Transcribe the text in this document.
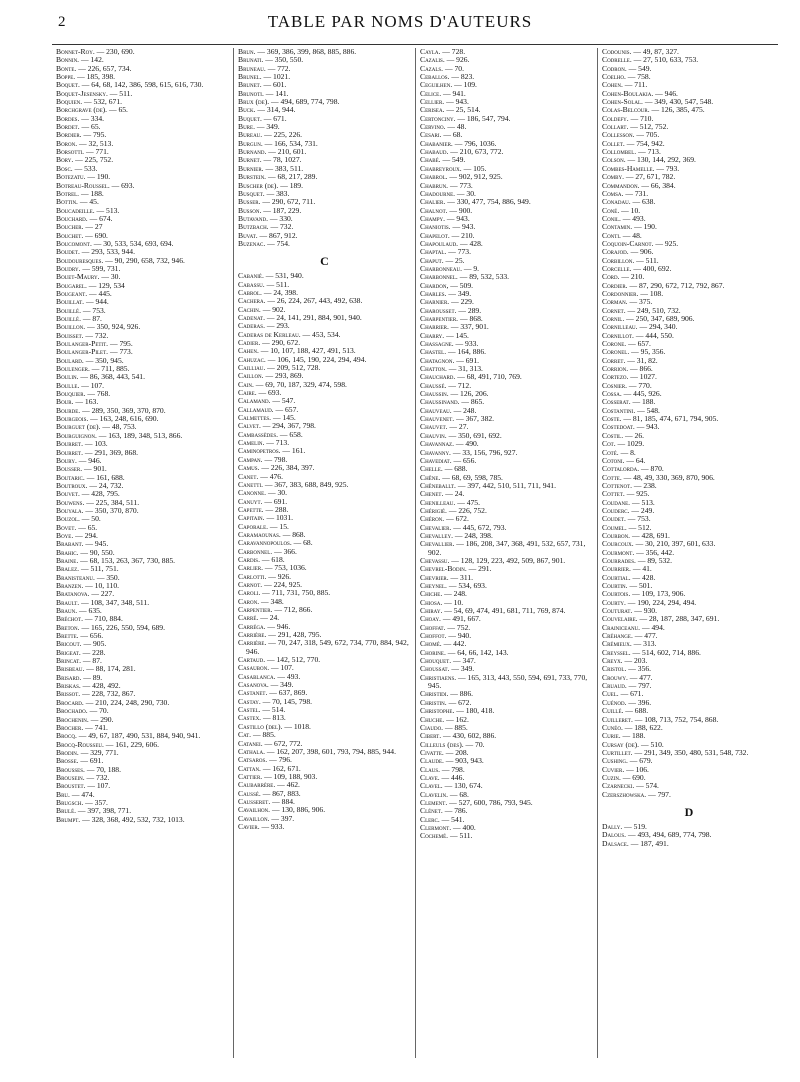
2	TABLE PAR NOMS D'AUTEURS
Bonnet-Roy. — 230, 690.
Bonnin. — 142.
Bonte. — 226, 657, 734.
Boppe. — 185, 398.
Boquet. — 64, 68, 142, 386, 598, 615, 616, 730.
Boquet-Jesensky. — 511.
Boquien. — 532, 671.
Borchgrave (de). — 65.
Bordes. — 334.
Bordet. — 65.
Bordier. — 795.
Boron. — 32, 513.
Borsotti. — 771.
Bory. — 225, 752.
Bosc. — 533.
Botezatu. — 190.
Botreau-Roussel. — 693.
Botrel. — 188.
Bottin. — 45.
Boucadeille. — 513.
Bouchard. — 674.
Boucher. — 27
Bouchet. — 690.
Boucomont. — 30, 533, 534, 693, 694.
Boudet. — 293, 533, 944.
Boudouresques. — 90, 290, 658, 732, 946.
Boudry. — 599, 731.
Bouet-Maury. — 30.
Bougarel. — 129, 534
Bougeant. — 445.
Bouillat. — 944.
Bouillé. — 753.
Bouillé. — 87.
Bouillon. — 350, 924, 926.
Bouisset. — 732.
Boulanger-Petit. — 795.
Boulanger-Pilet. — 773.
Boulard. — 350, 945.
Boulenger. — 711, 885.
Boulin. — 86, 368, 443, 541.
Boulle. — 107.
Bouquier. — 768.
Bour. — 163.
Bourde. — 289, 350, 369, 370, 870.
Bourgeois. — 163, 248, 616, 690.
Bourguet (de). — 48, 753.
Bourguignon. — 163, 189, 348, 513, 866.
Bourret. — 103.
Bourret. — 291, 369, 868.
Boury. — 946.
Bousser. — 901.
Boutaric. — 161, 688.
Boutroux. — 24, 732.
Bouvet. — 428, 795.
Bouwens. — 225, 384, 511.
Bouyala. — 350, 370, 870.
Bouzol. — 50.
Bovet. — 65.
Boye. — 294.
Brabant. — 945.
Brahic. — 90, 550.
Braine. — 68, 153, 263, 367, 730, 885.
Bralez. — 511, 751.
Branisteanu. — 350.
Branzen. — 10, 110.
Bratanova. — 227.
Brault. — 108, 347, 348, 511.
Braun. — 635.
Bréchot. — 710, 884.
Breton. — 165, 226, 550, 594, 689.
Brette. — 656.
Bricout. — 905.
Brigeat. — 228.
Brincat. — 87.
Brisbeau. — 88, 174, 281.
Brisard. — 89.
Briskas. — 428, 492.
Brissot. — 228, 732, 867.
Brocard. — 210, 224, 248, 290, 730.
Brochado. — 70.
Brochenin. — 290.
Brocher. — 741.
Brocq. — 49, 67, 187, 490, 531, 884, 940, 941.
Brocq-Rousseu. — 161, 229, 606.
Brodin. — 329, 771.
Brosse. — 691.
Brousses. — 70, 188.
Brousein. — 732.
Broustet. — 107.
Bru. — 474.
Brugsch. — 357.
Brulé. — 397, 398, 771.
Brumpt. — 328, 368, 492, 532, 732, 1013.
Brun. — 369, 386, 399, 868, 885, 886.
Brunati. — 350, 550.
Bruneau. — 772.
Brunel. — 1021.
Brunet. — 601.
Brunoti. — 141.
Brux (de). — 494, 689, 774, 798.
Buck. — 314, 944.
Buquet. — 671.
Bure. — 349.
Bureau. — 225, 226.
Burgun. — 166, 534, 731.
Burnand. — 210, 601.
Burnet. — 78, 1027.
Burnier. — 383, 511.
Burstein. — 68, 217, 289.
Buscher (de). — 189.
Busquet. — 383.
Busser. — 290, 672, 711.
Busson. — 187, 229.
Butavand. — 330.
Butzbach. — 732.
Buvat. — 867, 912.
Buzenac. — 754.
C
Cabanié. — 531, 940.
Cabassu. — 511.
Cabrol. — 24, 398.
Cachera. — 26, 224, 267, 443, 492, 638.
Cachin. — 902.
Cadenat. — 24, 141, 291, 884, 901, 940.
Caderas. — 293.
Caderas de Kerleau. — 453, 534.
Cadier. — 290, 672.
Cahen. — 10, 107, 188, 427, 491, 513.
Cahuzac. — 106, 145, 190, 224, 294, 494.
Cailliau. — 209, 512, 728.
Caillon. — 293, 869.
Cain. — 69, 70, 187, 329, 474, 598.
Caire. — 693.
Calamand. — 547.
Callamaud. — 657.
Calmettes. — 145.
Calvet. — 294, 367, 798.
Cambassèdes. — 658.
Camelin. — 713.
Caminopetros. — 161.
Campan. — 798.
Camus. — 226, 384, 397.
Canet. — 476.
Canetti. — 367, 383, 688, 849, 925.
Canonne. — 30.
Canuyt. — 691.
Capette. — 288.
Capitain. — 1031.
Caporale. — 15.
Caramaounas. — 868.
Caravannopoulos. — 68.
Carbonnel. — 366.
Cardis. — 618.
Carlier. — 753, 1036.
Carlotti. — 926.
Carnot. — 224, 925.
Caroli. — 711, 731, 750, 885.
Caron. — 348.
Carpentier. — 712, 866.
Carré. — 24.
Carréga. — 946.
Carrière. — 291, 428, 795.
Carrière. — 70, 247, 318, 549, 672, 734, 770, 884, 942, 946.
Cartaud. — 142, 512, 770.
Casaubon. — 107.
Casablanca. — 493.
Casanova. — 349.
Castanet. — 637, 869.
Castay. — 70, 145, 798.
Castel. — 514.
Castex. — 813.
Castillo (del). — 1018.
Cat. — 885.
Catanei. — 672, 772.
Cathala. — 162, 207, 398, 601, 793, 794, 885, 944.
Catsaros. — 796.
Cattan. — 162, 671.
Cattier. — 109, 188, 903.
Caubarrère. — 462.
Caussé. — 867, 883.
Causseret. — 884.
Cavailhon. — 130, 886, 906.
Cavaillon. — 397.
Cavier. — 933.
Cayla. — 728.
Cazalis. — 926.
Cazals. — 70.
Ceballos. — 823.
Ceguilhen. — 109.
Celice. — 941.
Cellier. — 943.
Cerisea. — 25, 514.
Certonciny. — 186, 547, 794.
Cervino. — 48.
Cesari. — 68.
Chabanier. — 796, 1036.
Chabaud. — 210, 673, 772.
Chabé. — 549.
Chabreyroux. — 105.
Chabrol. — 902, 912, 925.
Chabrun. — 773.
Chadourne. — 30.
Chalier. — 330, 477, 754, 886, 949.
Chalnot. — 900.
Champy. — 943.
Chaniotis. — 943.
Chapelot. — 210.
Chapoulaud. — 428.
Chaptal. — 773.
Chaput. — 25.
Charbonneau. — 9.
Charbonnel. — 89, 532, 533.
Chardon, — 509.
Charles. — 349.
Charnier. — 229.
Charousset. — 289.
Charpentier. — 868.
Charrier. — 337, 901.
Charry. — 145.
Chassagne. — 933.
Chastel. — 164, 886.
Chatagnon. — 691.
Chatton. — 31, 313.
Chauchard. — 68, 491, 710, 769.
Chaussé. — 712.
Chaussin. — 126, 206.
Chaussinand. — 865.
Chauveau. — 248.
Chauvenet. — 367, 382.
Chauvet. — 27.
Chauvin. — 350, 691, 692.
Chavannaz. — 490.
Chavanny. — 33, 156, 796, 927.
Chavediat. — 656.
Chelle. — 688.
Chêne. — 68, 69, 598, 785.
Chêneballt. — 397, 442, 510, 511, 711, 941.
Chenet. — 24.
Chenilleau. — 475.
Chérigié. — 226, 752.
Chéron. — 672.
Chevalier. — 445, 672, 793.
Chevalley. — 248, 398.
Chevallier. — 186, 208, 347, 368, 491, 532, 657, 731, 902.
Chevassu. — 128, 129, 223, 492, 509, 867, 901.
Chevrel-Bodin. — 291.
Chevrier. — 311.
Cheynel. — 534, 693.
Chiche. — 248.
Chiosa. — 10.
Chiray. — 54, 69, 474, 491, 681, 711, 769, 874.
Choay. — 491, 667.
Choffat. — 752.
Choffot. — 940.
Chomé. — 442.
Chorine. — 64, 66, 142, 143.
Chouquet. — 347.
Choussat. — 349.
Christiaens. — 165, 313, 443, 550, 594, 691, 733, 770, 945.
Christidi. — 886.
Christin. — 672.
Christophe. — 180, 418.
Chuche. — 162.
Ciaudo. — 885.
Cibert. — 430, 602, 886.
Cilleuls (des). — 70.
Civatte. — 208.
Claude. — 903, 943.
Claus. — 798.
Clave. — 446.
Clavel. — 130, 674.
Clavelin. — 68.
Clement. — 527, 600, 786, 793, 945.
Clénet. — 786.
Clerc. — 541.
Clermont. — 400.
Cochemé. — 511.
Codounis. — 49, 87, 327.
Codrelle. — 27, 510, 633, 753.
Codron. — 549.
Coelho. — 758.
Cohen. — 711.
Cohen-Boulakia. — 946.
Cohen-Solal. — 349, 430, 547, 548.
Colas-Belcour. — 126, 385, 475.
Coldefy. — 710.
Collart. — 512, 752.
Collesson. — 705.
Collet. — 754, 942.
Collombel. — 713.
Colson. — 130, 144, 292, 369.
Combes-Hamelle. — 793.
Comby. — 27, 671, 782.
Commandon. — 66, 384.
Comsa. — 731.
Conadau. — 638.
Coné. — 10.
Conil. — 493.
Contamin. — 190.
Conti. — 48.
Coquoin-Carnot. — 925.
Corajod. — 906.
Corbillon. — 511.
Corcelle. — 400, 692.
Cord. — 210.
Cordier. — 87, 290, 672, 712, 792, 867.
Cordonnier. — 108.
Corman. — 375.
Cornet. — 249, 510, 732.
Cornil. — 250, 347, 689, 906.
Cornilleau. — 294, 340.
Cornillot. — 444, 550.
Corone. — 657.
Coronel. — 95, 356.
Corret. — 31, 82.
Corrion. — 866.
Cortezo. — 1027.
Cosnier. — 770.
Cossa. — 445, 926.
Cosserat. — 188.
Costantini. — 548.
Coste. — 81, 185, 474, 671, 794, 905.
Costedoat. — 943.
Costil. — 26.
Cot. — 1029.
Coté. — 8.
Cotoni. — 64.
Cottalorda. — 870.
Cotte. — 48, 49, 330, 369, 870, 906.
Cottenot. — 238.
Cottet. — 925.
Coudane. — 513.
Couderc. — 249.
Coudet. — 753.
Coumel. — 512.
Courbon. — 428, 691.
Courcoux. — 30, 210, 397, 601, 633.
Courmont. — 356, 442.
Courrades. — 89, 532.
Courrier. — 41.
Courtial. — 428.
Courtin. — 501.
Courtois. — 109, 173, 906.
Courty. — 190, 224, 294, 494.
Couturat. — 930.
Couvelaire. — 28, 187, 288, 347, 691.
Crainiceanu. — 494.
Créhange. — 477.
Crémieux. — 313.
Creyssel. — 514, 602, 714, 886.
Creyx. — 203.
Cristol. — 356.
Crouwy. — 477.
Cruaud. — 797.
Cuel. — 671.
Cuénod. — 396.
Cuillé. — 688.
Cuilleret. — 108, 713, 752, 754, 868.
Cunéo. — 188, 622.
Curie. — 188.
Cursay (de). — 510.
Curtillet. — 291, 349, 350, 480, 531, 548, 732.
Cushing. — 679.
Cuvier. — 106.
Cuzin. — 690.
Czarnecki. — 574.
Czerszhowska. — 797.
D
Dally. — 519.
Dalous. — 493, 494, 689, 774, 798.
Dalsace. — 187, 491.
